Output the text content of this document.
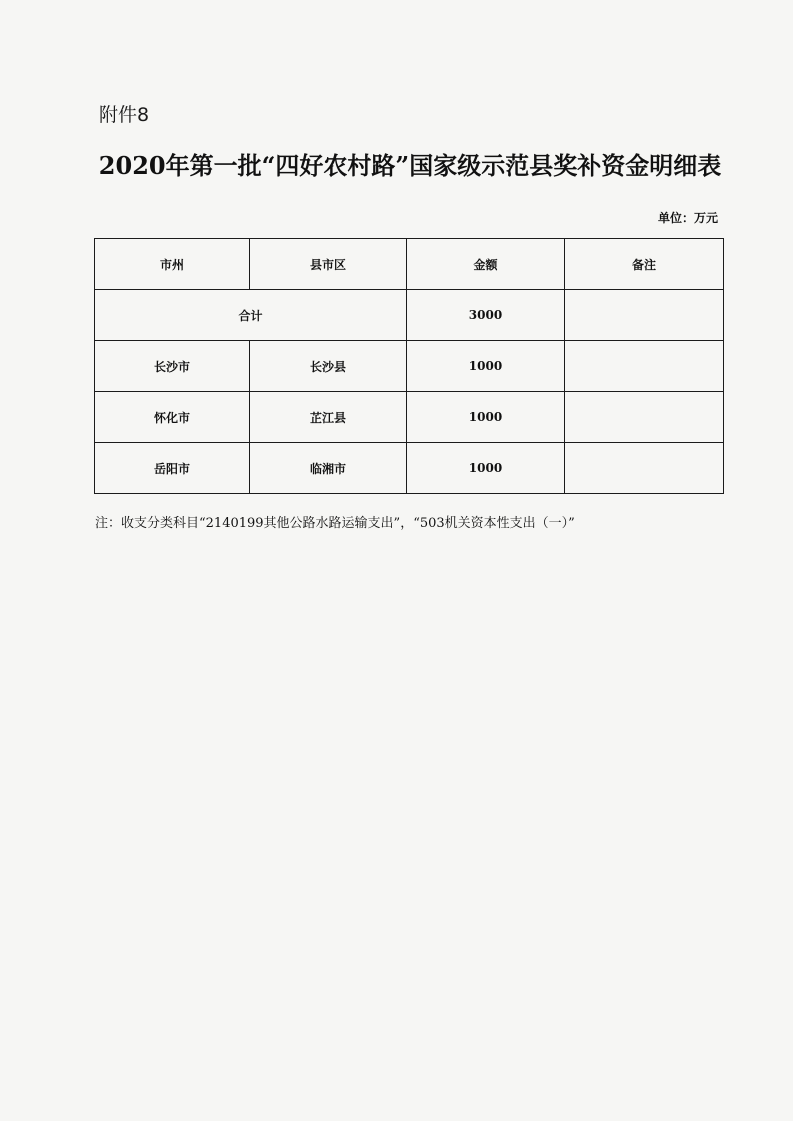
附件8
2020年第一批“四好农村路”国家级示范县奖补资金明细表
单位：万元
市州	县市区	金额	备注
合计		3000	
长沙市	长沙县	1000	
怀化市	芷江县	1000	
岳阳市	临湘市	1000	
注：收支分类科目“2140199其他公路水路运输支出”，“503机关资本性支出（一）”
